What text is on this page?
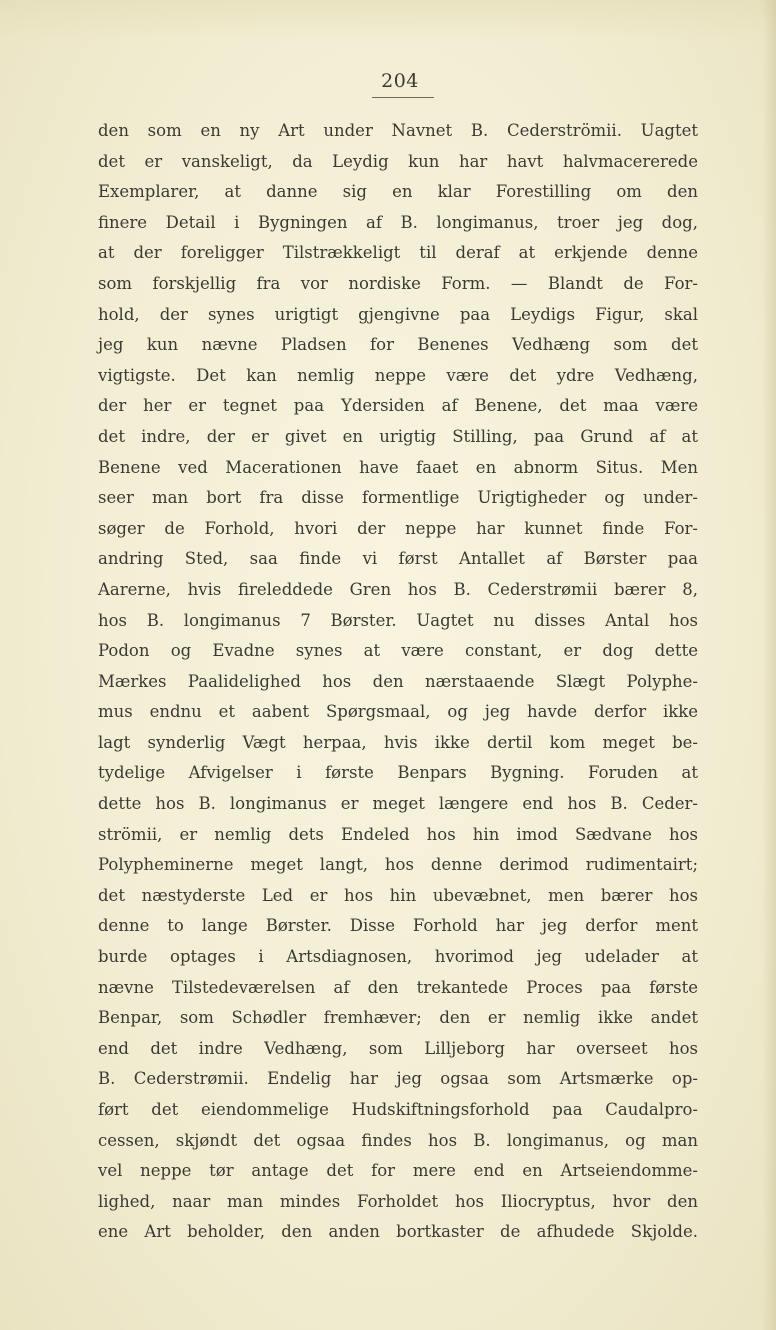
204
den som en ny Art under Navnet B. Cederströmii. Uagtet
det er vanskeligt, da Leydig kun har havt halvmacererede
Exemplarer, at danne sig en klar Forestilling om den
finere Detail i Bygningen af B. longimanus, troer jeg dog,
at der foreligger Tilstrækkeligt til deraf at erkjende denne
som forskjellig fra vor nordiske Form. — Blandt de For-
hold, der synes urigtigt gjengivne paa Leydigs Figur, skal
jeg kun nævne Pladsen for Benenes Vedhæng som det
vigtigste. Det kan nemlig neppe være det ydre Vedhæng,
der her er tegnet paa Ydersiden af Benene, det maa være
det indre, der er givet en urigtig Stilling, paa Grund af at
Benene ved Macerationen have faaet en abnorm Situs. Men
seer man bort fra disse formentlige Urigtigheder og under-
søger de Forhold, hvori der neppe har kunnet finde For-
andring Sted, saa finde vi først Antallet af Børster paa
Aarerne, hvis fireleddede Gren hos B. Cederstrømii bærer 8,
hos B. longimanus 7 Børster. Uagtet nu disses Antal hos
Podon og Evadne synes at være constant, er dog dette
Mærkes Paalidelighed hos den nærstaaende Slægt Polyphe-
mus endnu et aabent Spørgsmaal, og jeg havde derfor ikke
lagt synderlig Vægt herpaa, hvis ikke dertil kom meget be-
tydelige Afvigelser i første Benpars Bygning. Foruden at
dette hos B. longimanus er meget længere end hos B. Ceder-
strömii, er nemlig dets Endeled hos hin imod Sædvane hos
Polypheminerne meget langt, hos denne derimod rudimentairt;
det næstyderste Led er hos hin ubevæbnet, men bærer hos
denne to lange Børster. Disse Forhold har jeg derfor ment
burde optages i Artsdiagnosen, hvorimod jeg udelader at
nævne Tilstedeværelsen af den trekantede Proces paa første
Benpar, som Schødler fremhæver; den er nemlig ikke andet
end det indre Vedhæng, som Lilljeborg har overseet hos
B. Cederstrømii. Endelig har jeg ogsaa som Artsmærke op-
ført det eiendommelige Hudskiftningsforhold paa Caudalpro-
cessen, skjøndt det ogsaa findes hos B. longimanus, og man
vel neppe tør antage det for mere end en Artseiendomme-
lighed, naar man mindes Forholdet hos Iliocryptus, hvor den
ene Art beholder, den anden bortkaster de afhudede Skjolde.
